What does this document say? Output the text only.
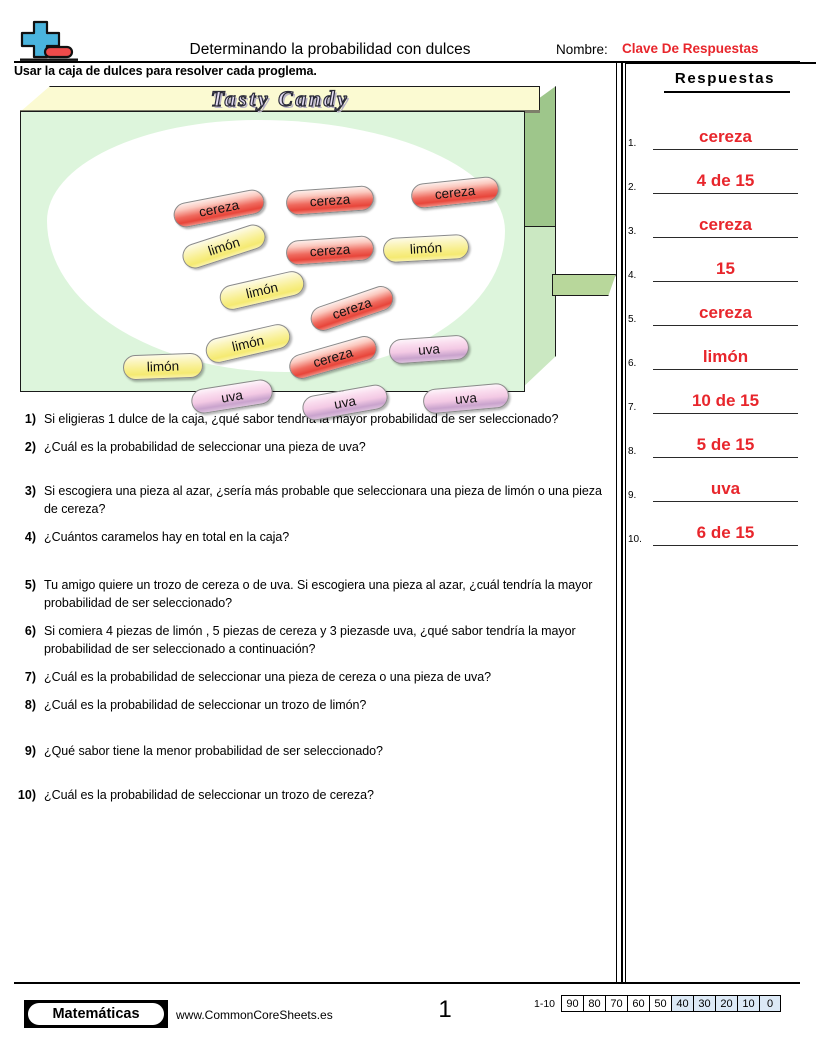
Determinando la probabilidad con dulces	Nombre: Clave De Respuestas
Usar la caja de dulces para resolver cada proglema.	Respuestas
1.	cereza
2.	4 de 15
3.	cereza
4.	15
5.	cereza
6.	limón
7.	10 de 15
8.	5 de 15
9.	uva
10.	6 de 15
Tasty Candy
cereza	cereza	cereza
limón	cereza	limón
limón
cereza
limón
cereza	uva
limón
uva	uva	uva
1) Si eligieras 1 dulce de la caja, ¿qué sabor tendría la mayor probabilidad de ser seleccionado?
2) ¿Cuál es la probabilidad de seleccionar una pieza de uva?
3) Si escogiera una pieza al azar, ¿sería más probable que seleccionara una pieza de limón o una pieza de cereza?
4) ¿Cuántos caramelos hay en total en la caja?
5) Tu amigo quiere un trozo de cereza o de uva. Si escogiera una pieza al azar, ¿cuál tendría la mayor probabilidad de ser seleccionado?
6) Si comiera 4 piezas de limón , 5 piezas de cereza y 3 piezasde uva, ¿qué sabor tendría la mayor probabilidad de ser seleccionado a continuación?
7) ¿Cuál es la probabilidad de seleccionar una pieza de cereza o una pieza de uva?
8) ¿Cuál es la probabilidad de seleccionar un trozo de limón?
9) ¿Qué sabor tiene la menor probabilidad de ser seleccionado?
10) ¿Cuál es la probabilidad de seleccionar un trozo de cereza?
Matemáticas	www.CommonCoreSheets.es	1	1-10	90 80 70 60 50 40 30 20 10	0
